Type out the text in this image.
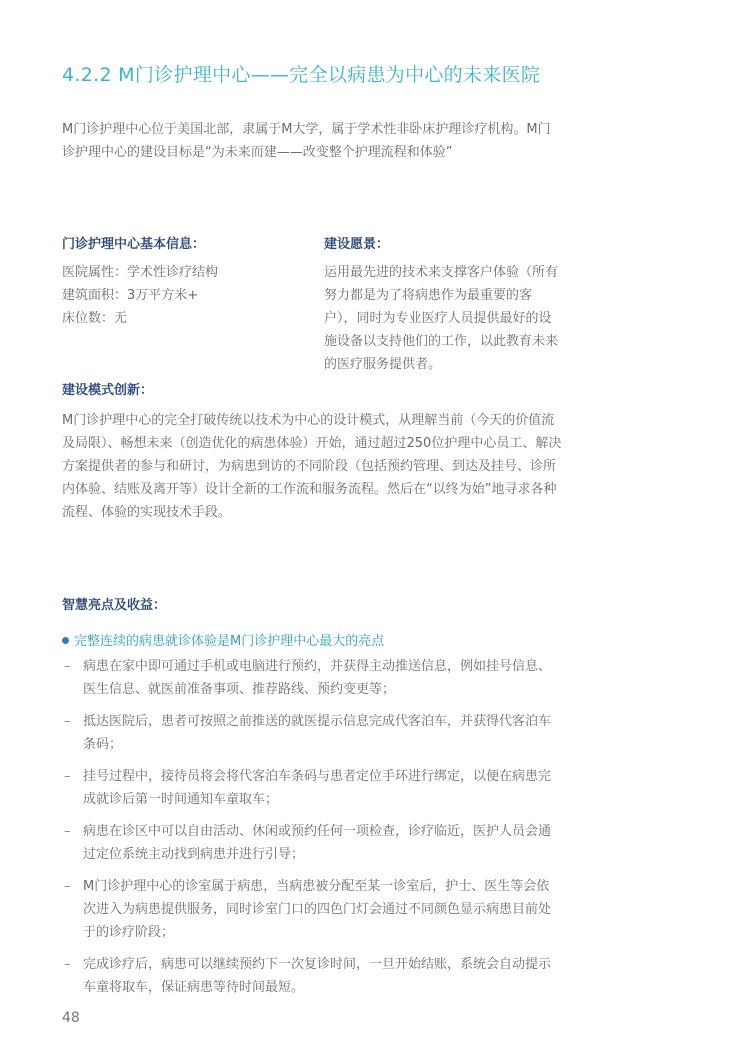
4.2.2 M门诊护理中心——完全以病患为中心的未来医院
M门诊护理中心位于美国北部，隶属于M大学，属于学术性非卧床护理诊疗机构。M门诊护理中心的建设目标是“为未来而建——改变整个护理流程和体验”
门诊护理中心基本信息：
医院属性：学术性诊疗结构
建筑面积：3万平方米+
床位数：无
建设愿景：
运用最先进的技术来支撑客户体验（所有努力都是为了将病患作为最重要的客户），同时为专业医疗人员提供最好的设施设备以支持他们的工作，以此教育未来的医疗服务提供者。
建设模式创新：
M门诊护理中心的完全打破传统以技术为中心的设计模式，从理解当前（今天的价值流及局限）、畅想未来（创造优化的病患体验）开始，通过超过250位护理中心员工、解决方案提供者的参与和研讨，为病患到访的不同阶段（包括预约管理、到达及挂号、诊所内体验、结账及离开等）设计全新的工作流和服务流程。然后在“以终为始”地寻求各种流程、体验的实现技术手段。
智慧亮点及收益：
完整连续的病患就诊体验是M门诊护理中心最大的亮点
– 病患在家中即可通过手机或电脑进行预约，并获得主动推送信息，例如挂号信息、医生信息、就医前准备事项、推荐路线、预约变更等；
– 抵达医院后，患者可按照之前推送的就医提示信息完成代客泊车，并获得代客泊车条码；
– 挂号过程中，接待员将会将代客泊车条码与患者定位手环进行绑定，以便在病患完成就诊后第一时间通知车童取车；
– 病患在诊区中可以自由活动、休闲或预约任何一项检查，诊疗临近，医护人员会通过定位系统主动找到病患并进行引导；
– M门诊护理中心的诊室属于病患，当病患被分配至某一诊室后，护士、医生等会依次进入为病患提供服务，同时诊室门口的四色门灯会通过不同颜色显示病患目前处于的诊疗阶段；
– 完成诊疗后，病患可以继续预约下一次复诊时间，一旦开始结账，系统会自动提示车童将取车，保证病患等待时间最短。
48
